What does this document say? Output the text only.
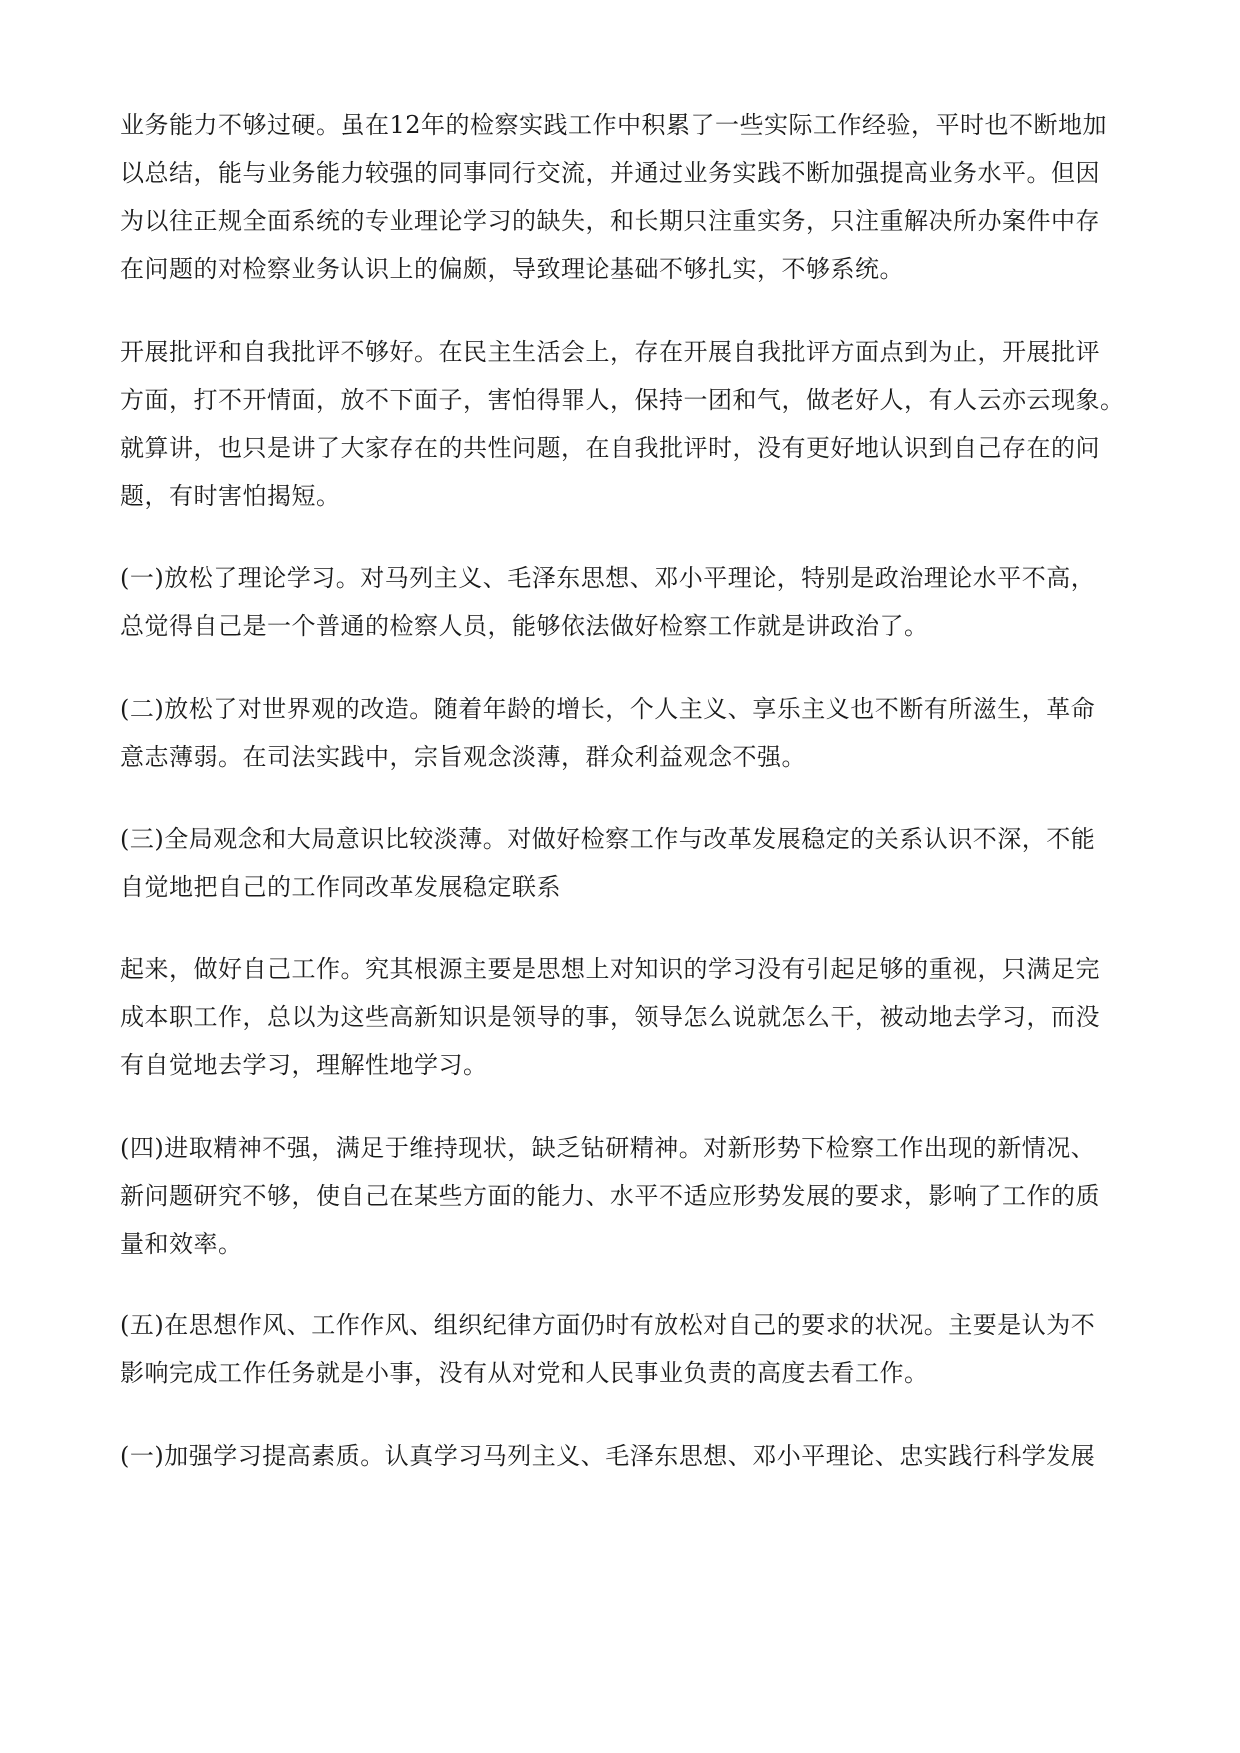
业务能力不够过硬。虽在12年的检察实践工作中积累了一些实际工作经验，平时也不断地加

以总结，能与业务能力较强的同事同行交流，并通过业务实践不断加强提高业务水平。但因

为以往正规全面系统的专业理论学习的缺失，和长期只注重实务，只注重解决所办案件中存

在问题的对检察业务认识上的偏颇，导致理论基础不够扎实，不够系统。

开展批评和自我批评不够好。在民主生活会上，存在开展自我批评方面点到为止，开展批评

方面，打不开情面，放不下面子，害怕得罪人，保持一团和气，做老好人，有人云亦云现象。

就算讲，也只是讲了大家存在的共性问题，在自我批评时，没有更好地认识到自己存在的问

题，有时害怕揭短。

(一)放松了理论学习。对马列主义、毛泽东思想、邓小平理论，特别是政治理论水平不高，

总觉得自己是一个普通的检察人员，能够依法做好检察工作就是讲政治了。

(二)放松了对世界观的改造。随着年龄的增长，个人主义、享乐主义也不断有所滋生，革命

意志薄弱。在司法实践中，宗旨观念淡薄，群众利益观念不强。

(三)全局观念和大局意识比较淡薄。对做好检察工作与改革发展稳定的关系认识不深，不能

自觉地把自己的工作同改革发展稳定联系

起来，做好自己工作。究其根源主要是思想上对知识的学习没有引起足够的重视，只满足完

成本职工作，总以为这些高新知识是领导的事，领导怎么说就怎么干，被动地去学习，而没

有自觉地去学习，理解性地学习。

(四)进取精神不强，满足于维持现状，缺乏钻研精神。对新形势下检察工作出现的新情况、

新问题研究不够，使自己在某些方面的能力、水平不适应形势发展的要求，影响了工作的质

量和效率。

(五)在思想作风、工作作风、组织纪律方面仍时有放松对自己的要求的状况。主要是认为不

影响完成工作任务就是小事，没有从对党和人民事业负责的高度去看工作。

(一)加强学习提高素质。认真学习马列主义、毛泽东思想、邓小平理论、忠实践行科学发展
